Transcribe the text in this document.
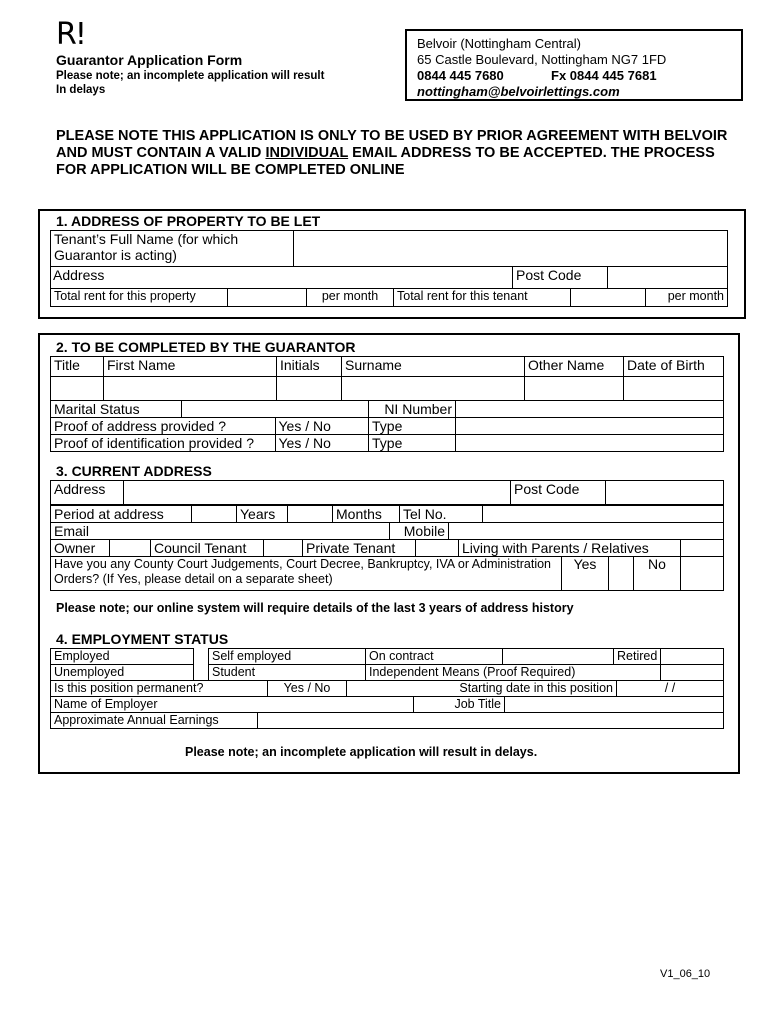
R!
Guarantor Application Form
Please note; an incomplete application will result
In delays
Belvoir (Nottingham Central)
65 Castle Boulevard, Nottingham NG7 1FD
0844 445 7680	Fx 0844 445 7681
nottingham@belvoirlettings.com
PLEASE NOTE THIS APPLICATION IS ONLY TO BE USED BY PRIOR AGREEMENT WITH BELVOIR AND MUST CONTAIN A VALID INDIVIDUAL EMAIL ADDRESS TO BE ACCEPTED. THE PROCESS FOR APPLICATION WILL BE COMPLETED ONLINE
1. ADDRESS OF PROPERTY TO BE LET
Tenant’s Full Name (for which Guarantor is acting)	
Address		Post Code	
Total rent for this property		per month	Total rent for this tenant		per month
2. TO BE COMPLETED BY THE GUARANTOR
Title	First Name	Initials	Surname	Other Name	Date of Birth

Marital Status			NI Number	
Proof of address provided ?		Yes / No	Type	
Proof of identification provided ?		Yes / No	Type	
3. CURRENT ADDRESS
Address		Post Code	
Period at address		Years		Months	Tel No.	
Email	Mobile	
Owner		Council Tenant		Private Tenant		Living with Parents / Relatives	
Have you any County Court Judgements, Court Decree, Bankruptcy, IVA or Administration Orders? (If Yes, please detail on a separate sheet)	Yes		No	
Please note; our online system will require details of the last 3 years of address history
4. EMPLOYMENT STATUS
Employed		Self employed	On contract		Retired	
Unemployed		Student	Independent Means (Proof Required)			
Is this position permanent?	Yes / No	Starting date in this position	/ /
Name of Employer	Job Title	
Approximate Annual Earnings	
Please note; an incomplete application will result in delays.
V1_06_10
